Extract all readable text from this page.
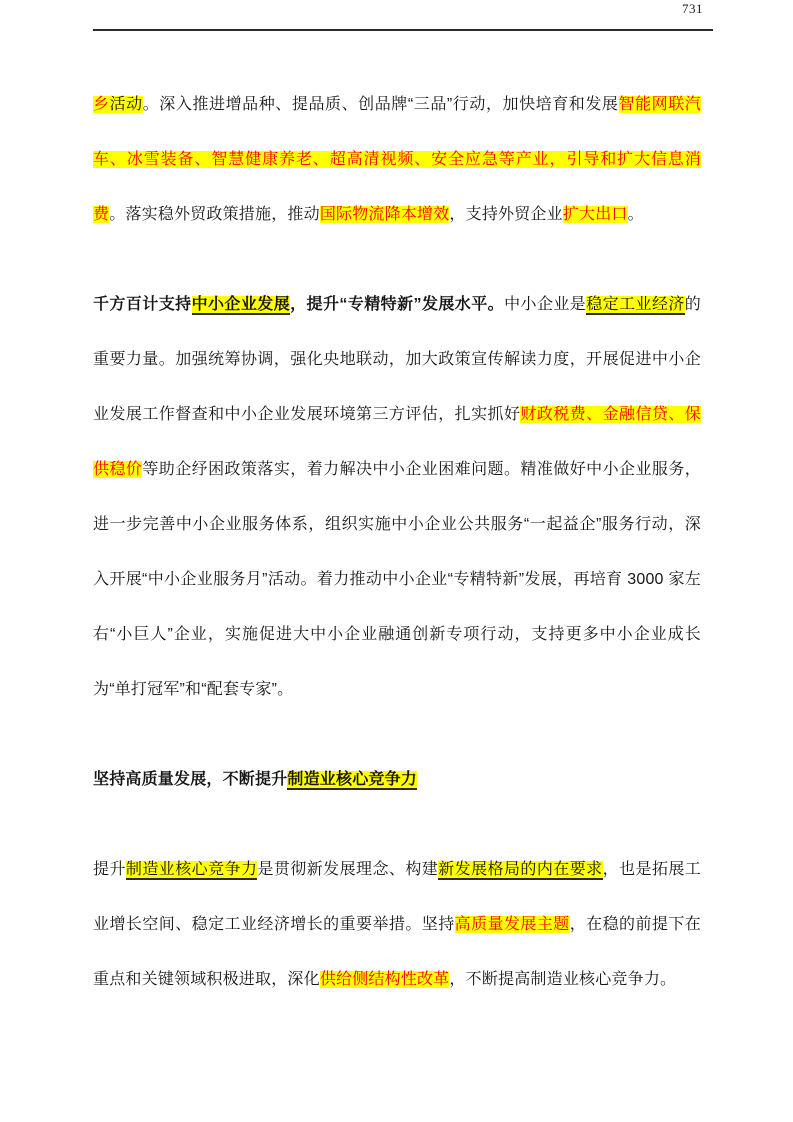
731

乡活动。深入推进增品种、提品质、创品牌“三品”行动，加快培育和发展智能网联汽车、冰雪装备、智慧健康养老、超高清视频、安全应急等产业，引导和扩大信息消费。落实稳外贸政策措施，推动国际物流降本增效，支持外贸企业扩大出口。

千方百计支持中小企业发展，提升“专精特新”发展水平。中小企业是稳定工业经济的重要力量。加强统筹协调，强化央地联动，加大政策宣传解读力度，开展促进中小企业发展工作督查和中小企业发展环境第三方评估，扎实抓好财政税费、金融信贷、保供稳价等助企纾困政策落实，着力解决中小企业困难问题。精准做好中小企业服务，进一步完善中小企业服务体系，组织实施中小企业公共服务“一起益企”服务行动，深入开展“中小企业服务月”活动。着力推动中小企业“专精特新”发展，再培育 3000 家左右“小巨人”企业，实施促进大中小企业融通创新专项行动，支持更多中小企业成长为“单打冠军”和“配套专家”。

坚持高质量发展，不断提升制造业核心竞争力

提升制造业核心竞争力是贯彻新发展理念、构建新发展格局的内在要求，也是拓展工业增长空间、稳定工业经济增长的重要举措。坚持高质量发展主题，在稳的前提下在重点和关键领域积极进取，深化供给侧结构性改革，不断提高制造业核心竞争力。
